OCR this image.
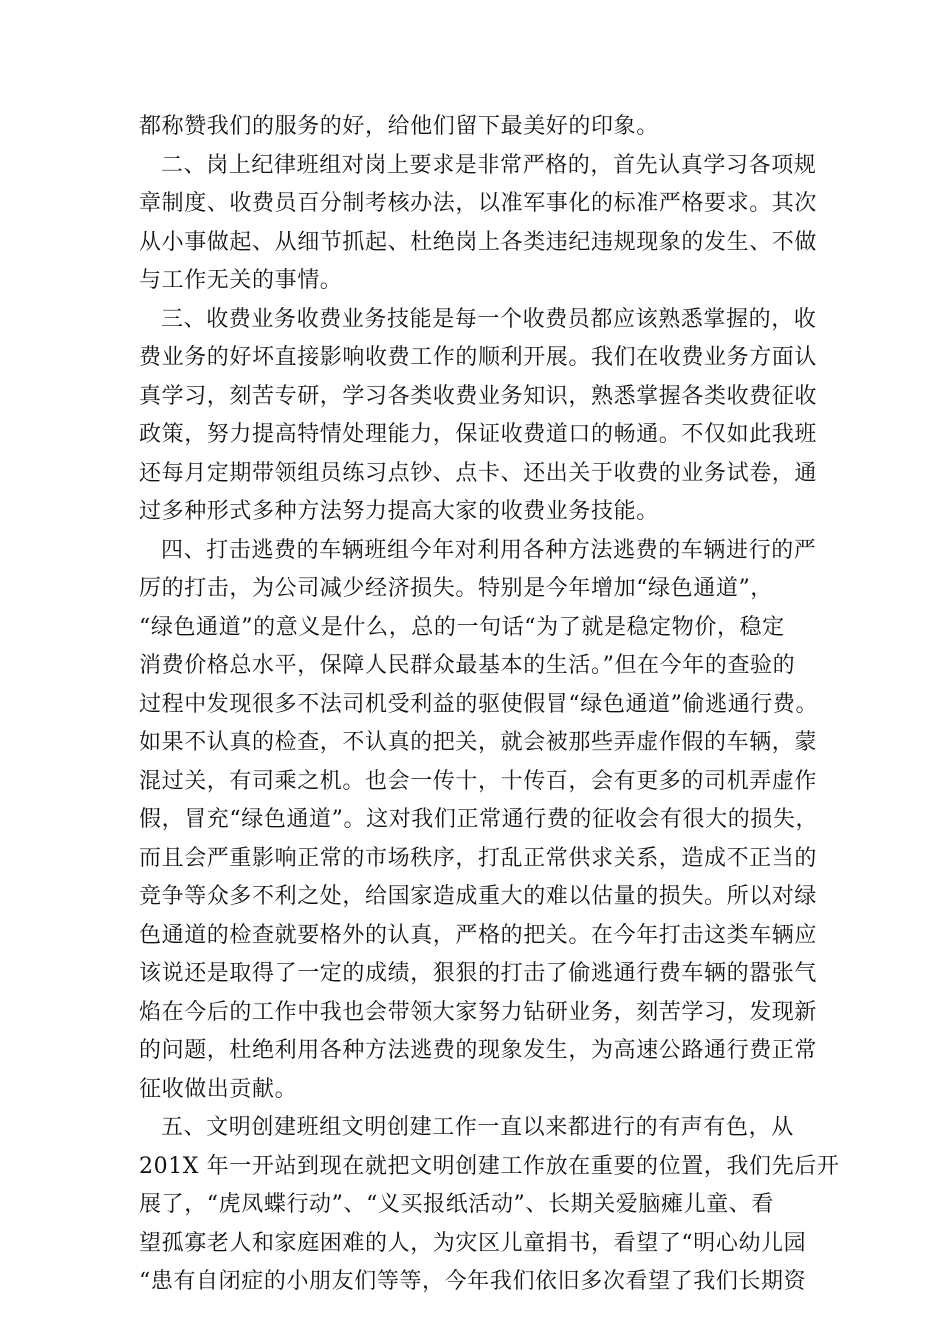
都称赞我们的服务的好，给他们留下最美好的印象。
二、岗上纪律班组对岗上要求是非常严格的，首先认真学习各项规
章制度、收费员百分制考核办法，以准军事化的标准严格要求。其次
从小事做起、从细节抓起、杜绝岗上各类违纪违规现象的发生、不做
与工作无关的事情。
三、收费业务收费业务技能是每一个收费员都应该熟悉掌握的，收
费业务的好坏直接影响收费工作的顺利开展。我们在收费业务方面认
真学习，刻苦专研，学习各类收费业务知识，熟悉掌握各类收费征收
政策，努力提高特情处理能力，保证收费道口的畅通。不仅如此我班
还每月定期带领组员练习点钞、点卡、还出关于收费的业务试卷，通
过多种形式多种方法努力提高大家的收费业务技能。
四、打击逃费的车辆班组今年对利用各种方法逃费的车辆进行的严
厉的打击，为公司减少经济损失。特别是今年增加“绿色通道”，
“绿色通道”的意义是什么，总的一句话“为了就是稳定物价，稳定
消费价格总水平，保障人民群众最基本的生活。”但在今年的查验的
过程中发现很多不法司机受利益的驱使假冒“绿色通道”偷逃通行费。
如果不认真的检查，不认真的把关，就会被那些弄虚作假的车辆，蒙
混过关，有司乘之机。也会一传十，十传百，会有更多的司机弄虚作
假，冒充“绿色通道”。这对我们正常通行费的征收会有很大的损失，
而且会严重影响正常的市场秩序，打乱正常供求关系，造成不正当的
竞争等众多不利之处，给国家造成重大的难以估量的损失。所以对绿
色通道的检查就要格外的认真，严格的把关。在今年打击这类车辆应
该说还是取得了一定的成绩，狠狠的打击了偷逃通行费车辆的嚣张气
焰在今后的工作中我也会带领大家努力钻研业务，刻苦学习，发现新
的问题，杜绝利用各种方法逃费的现象发生，为高速公路通行费正常
征收做出贡献。
五、文明创建班组文明创建工作一直以来都进行的有声有色，从
201X 年一开站到现在就把文明创建工作放在重要的位置，我们先后开
展了，“虎凤蝶行动”、“义买报纸活动”、长期关爱脑瘫儿童、看
望孤寡老人和家庭困难的人，为灾区儿童捐书，看望了“明心幼儿园
“患有自闭症的小朋友们等等，今年我们依旧多次看望了我们长期资
